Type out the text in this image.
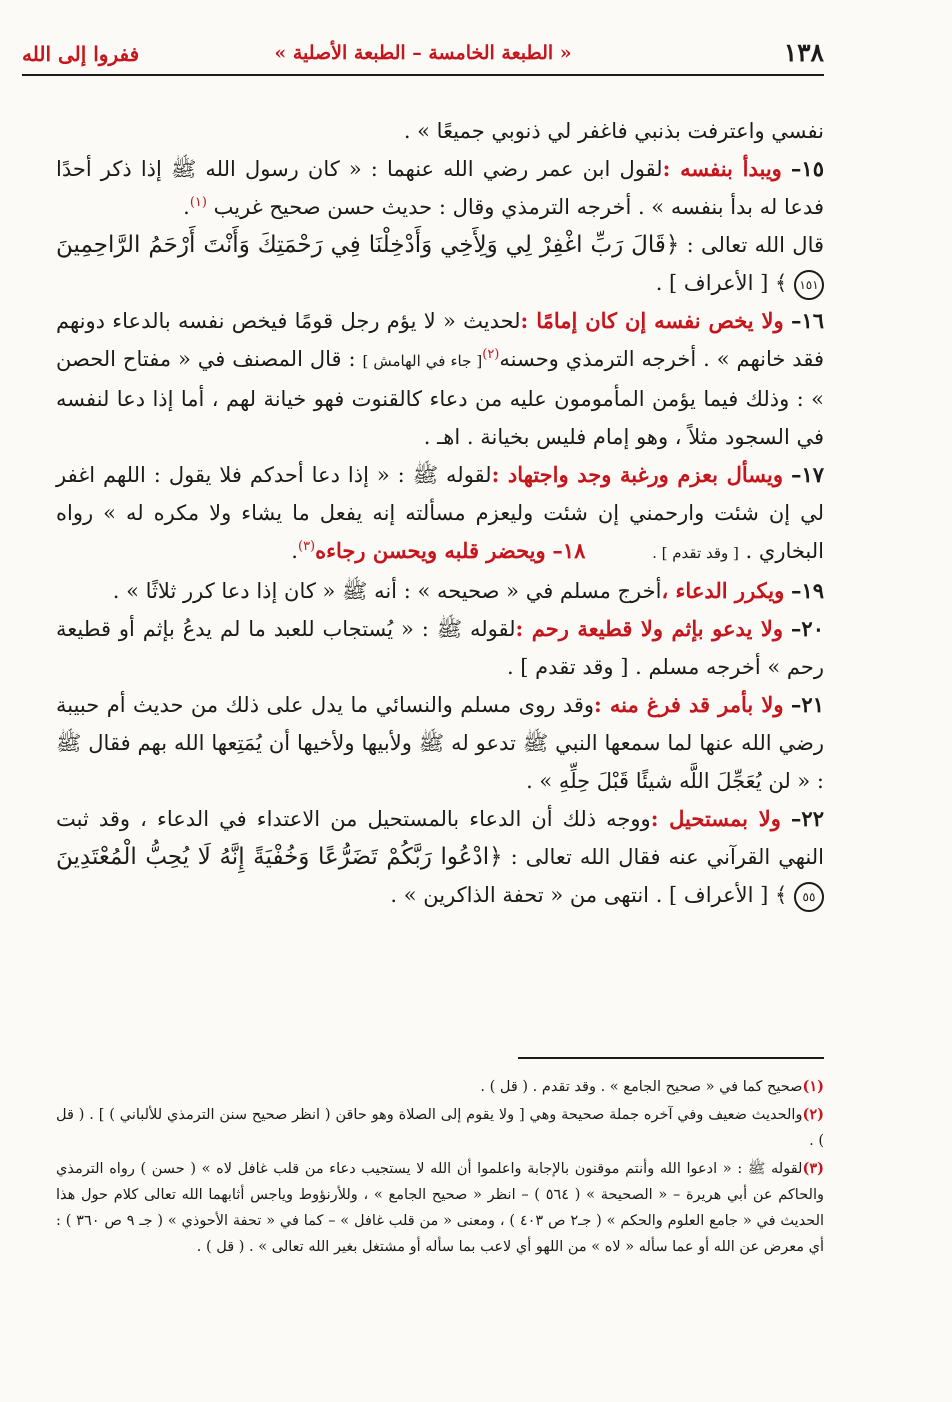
١٣٨
« الطبعة الخامسة – الطبعة الأصلية »
ففروا إلى الله

نفسي واعترفت بذنبي فاغفر لي ذنوبي جميعًا » .

١٥– ويبدأ بنفسه :لقول ابن عمر رضي الله عنهما : « كان رسول الله ﷺ إذا ذكر أحدًا فدعا له بدأ بنفسه » . أخرجه الترمذي وقال : حديث حسن صحيح غريب $^{(١)}$.

قال الله تعالى : ﴿قَالَ رَبِّ اغْفِرْ لِي وَلِأَخِي وَأَدْخِلْنَا فِي رَحْمَتِكَ وَأَنْتَ أَرْحَمُ الرَّاحِمِينَ ١٥١ ﴾ [ الأعراف ] .

١٦– ولا يخص نفسه إن كان إمامًا :لحديث « لا يؤم رجل قومًا فيخص نفسه بالدعاء دونهم فقد خانهم » . أخرجه الترمذي وحسنه$^{(٢)}$[ جاء في الهامش ] : قال المصنف في « مفتاح الحصن » : وذلك فيما يؤمن المأمومون عليه من دعاء كالقنوت فهو خيانة لهم ، أما إذا دعا لنفسه في السجود مثلاً ، وهو إمام فليس بخيانة . اهـ .

١٧– ويسأل بعزم ورغبة وجد واجتهاد :لقوله ﷺ : « إذا دعا أحدكم فلا يقول : اللهم اغفر لي إن شئت وارحمني إن شئت وليعزم مسألته إنه يفعل ما يشاء ولا مكره له » رواه البخاري . [ وقد تقدم ] . ١٨– ويحضر قلبه ويحسن رجاءه$^{(٣)}$.

١٩– ويكرر الدعاء ،أخرج مسلم في « صحيحه » : أنه ﷺ « كان إذا دعا كرر ثلاثًا » .

٢٠– ولا يدعو بإثم ولا قطيعة رحم :لقوله ﷺ : « يُستجاب للعبد ما لم يدعُ بإثم أو قطيعة رحم » أخرجه مسلم . [ وقد تقدم ] .

٢١– ولا بأمر قد فرغ منه :وقد روى مسلم والنسائي ما يدل على ذلك من حديث أم حبيبة رضي الله عنها لما سمعها النبي ﷺ تدعو له ﷺ ولأبيها ولأخيها أن يُمَتِعها الله بهم فقال ﷺ : « لن يُعَجِّلَ اللَّه شيئًا قَبْلَ حِلِّهِ » .

٢٢– ولا بمستحيل :ووجه ذلك أن الدعاء بالمستحيل من الاعتداء في الدعاء ، وقد ثبت النهي القرآني عنه فقال الله تعالى : ﴿ادْعُوا رَبَّكُمْ تَضَرُّعًا وَخُفْيَةً إِنَّهُ لَا يُحِبُّ الْمُعْتَدِينَ ٥٥ ﴾ [ الأعراف ] . انتهى من « تحفة الذاكرين » .

(١)صحيح كما في « صحيح الجامع » . وقد تقدم . ( قل ) .

(٢)والحديث ضعيف وفي آخره جملة صحيحة وهي [ ولا يقوم إلى الصلاة وهو حاقن ( انظر صحيح سنن الترمذي للألباني ) ] . ( قل ) .

(٣)لقوله ﷺ : « ادعوا الله وأنتم موقنون بالإجابة واعلموا أن الله لا يستجيب دعاء من قلب غافل لاه » ( حسن ) رواه الترمذي والحاكم عن أبي هريرة – « الصحيحة » ( ٥٦٤ ) – انظر « صحيح الجامع » ، وللأرنؤوط وياجس أثابهما الله تعالى كلام حول هذا الحديث في « جامع العلوم والحكم » ( جـ٢ ص ٤٠٣ ) ، ومعنى « من قلب غافل » – كما في « تحفة الأحوذي » ( جـ ٩ ص ٣٦٠ ) : أي معرض عن الله أو عما سأله « لاه » من اللهو أي لاعب بما سأله أو مشتغل بغير الله تعالى » . ( قل ) .
